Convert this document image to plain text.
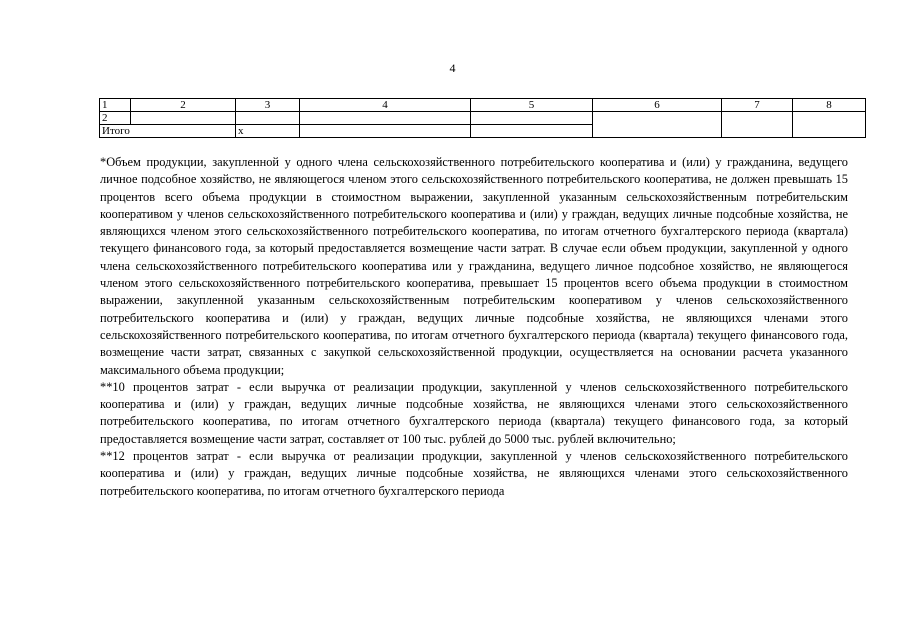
4
1	2	3	4	5	6	7	8
2							
Итого		х					

*Объем продукции, закупленной у одного члена сельскохозяйственного потребительского кооператива и (или) у гражданина, ведущего личное подсобное хозяйство, не являющегося членом этого сельскохозяйственного потребительского кооператива, не должен превышать 15 процентов всего объема продукции в стоимостном выражении, закупленной указанным сельскохозяйственным потребительским кооперативом у членов сельскохозяйственного потребительского кооператива и (или) у граждан, ведущих личные подсобные хозяйства, не являющихся членом этого сельскохозяйственного потребительского кооператива, по итогам отчетного бухгалтерского периода (квартала) текущего финансового года, за который предоставляется возмещение части затрат. В случае если объем продукции, закупленной у одного члена сельскохозяйственного потребительского кооператива или у гражданина, ведущего личное подсобное хозяйство, не являющегося членом этого сельскохозяйственного потребительского кооператива, превышает 15 процентов всего объема продукции в стоимостном выражении, закупленной указанным сельскохозяйственным потребительским кооперативом у членов сельскохозяйственного потребительского кооператива и (или) у граждан, ведущих личные подсобные хозяйства, не являющихся членами этого сельскохозяйственного потребительского кооператива, по итогам отчетного бухгалтерского периода (квартала) текущего финансового года, возмещение части затрат, связанных с закупкой сельскохозяйственной продукции, осуществляется на основании расчета указанного максимального объема продукции;

**10 процентов затрат - если выручка от реализации продукции, закупленной у членов сельскохозяйственного потребительского кооператива и (или) у граждан, ведущих личные подсобные хозяйства, не являющихся членами этого сельскохозяйственного потребительского кооператива, по итогам отчетного бухгалтерского периода (квартала) текущего финансового года, за который предоставляется возмещение части затрат, составляет от 100 тыс. рублей до 5000 тыс. рублей включительно;

**12 процентов затрат - если выручка от реализации продукции, закупленной у членов сельскохозяйственного потребительского кооператива и (или) у граждан, ведущих личные подсобные хозяйства, не являющихся членами этого сельскохозяйственного потребительского кооператива, по итогам отчетного бухгалтерского периода
